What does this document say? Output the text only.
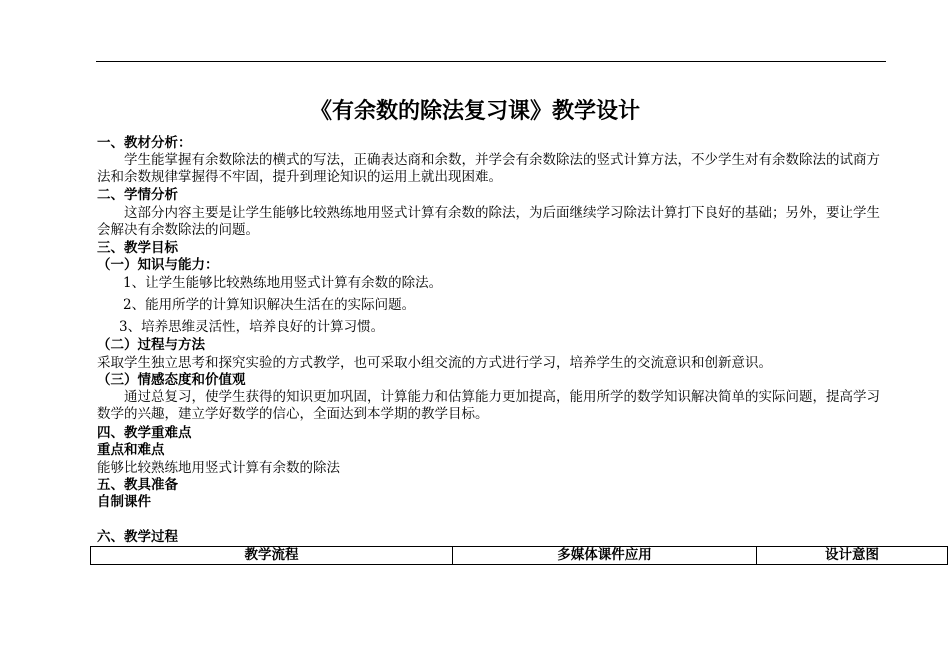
《有余数的除法复习课》教学设计
一、教材分析：
学生能掌握有余数除法的横式的写法，正确表达商和余数，并学会有余数除法的竖式计算方法，不少学生对有余数除法的试商方法和余数规律掌握得不牢固，提升到理论知识的运用上就出现困难。
二、学情分析
这部分内容主要是让学生能够比较熟练地用竖式计算有余数的除法，为后面继续学习除法计算打下良好的基础；另外，要让学生会解决有余数除法的问题。
三、教学目标
（一）知识与能力：
1、让学生能够比较熟练地用竖式计算有余数的除法。
2、能用所学的计算知识解决生活在的实际问题。
3、培养思维灵活性，培养良好的计算习惯。
（二）过程与方法
采取学生独立思考和探究实验的方式教学，也可采取小组交流的方式进行学习，培养学生的交流意识和创新意识。
（三）情感态度和价值观
通过总复习，使学生获得的知识更加巩固，计算能力和估算能力更加提高，能用所学的数学知识解决简单的实际问题，提高学习数学的兴趣，建立学好数学的信心，全面达到本学期的教学目标。
四、教学重难点
重点和难点
能够比较熟练地用竖式计算有余数的除法
五、教具准备
自制课件
六、教学过程
教学流程	多媒体课件应用	设计意图
